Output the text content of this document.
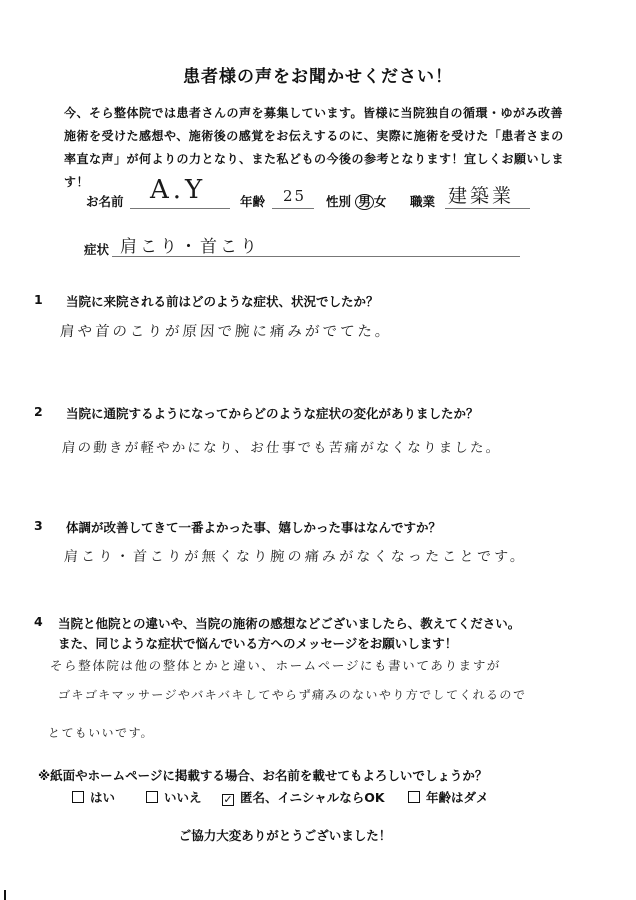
患者様の声をお聞かせください！
今、そら整体院では患者さんの声を募集しています。皆様に当院独自の循環・ゆがみ改善
施術を受けた感想や、施術後の感覚をお伝えするのに、実際に施術を受けた「患者さまの
率直な声」が何よりの力となり、また私どもの今後の参考となります！宜しくお願いしま
す！
お名前 A.Y	年齢 25 性別 男 女 職業 建築業
症状 肩こり・首こり
1 当院に来院される前はどのような症状、状況でしたか？
肩や首のこりが原因で腕に痛みがでてた。
2 当院に通院するようになってからどのような症状の変化がありましたか？
肩の動きが軽やかになり、お仕事でも苦痛がなくなりました。
3 体調が改善してきて一番よかった事、嬉しかった事はなんですか？
肩こり・首こりが無くなり腕の痛みがなくなったことです。
4 当院と他院との違いや、当院の施術の感想などございましたら、教えてください。
また、同じような症状で悩んでいる方へのメッセージをお願いします！
そら整体院は他の整体とかと違い、ホームページにも書いてありますが
ゴキゴキマッサージやバキバキしてやらず痛みのないやり方でしてくれるので
とてもいいです。
※紙面やホームページに掲載する場合、お名前を載せてもよろしいでしょうか？
はい	いいえ ✓ 匿名、イニシャルならOK	年齢はダメ
ご協力大変ありがとうございました！
